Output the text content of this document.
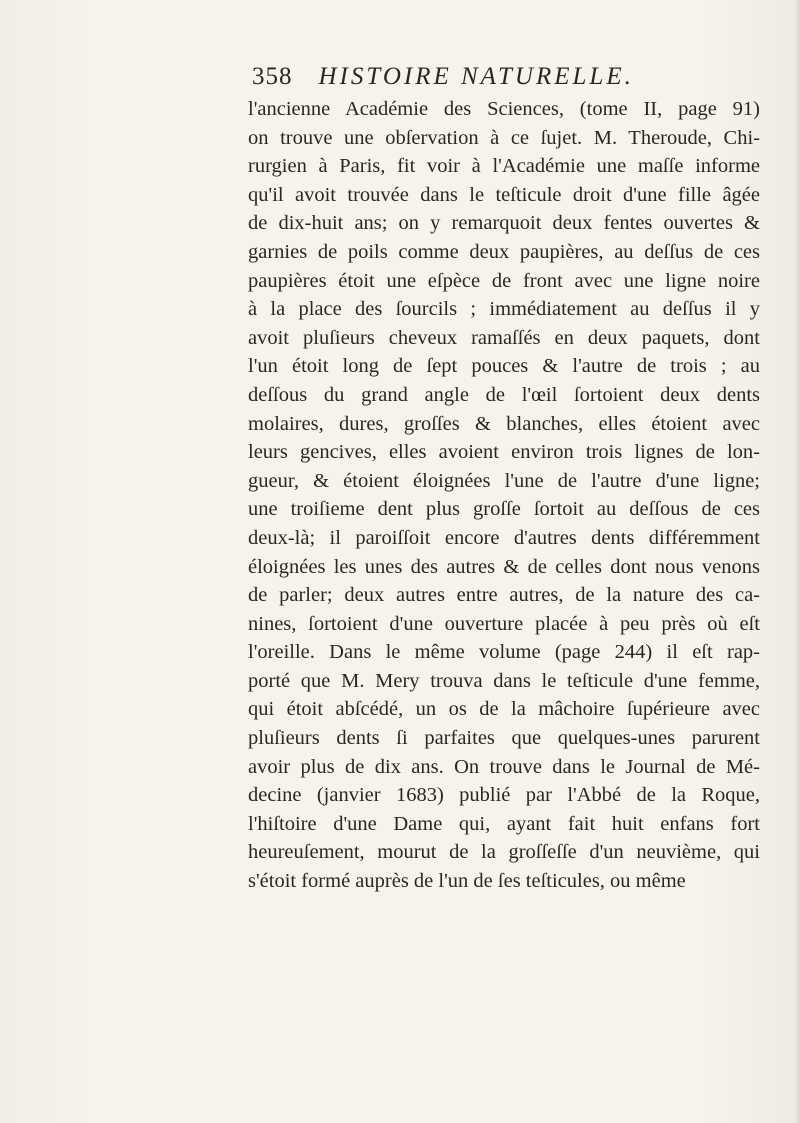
358 HISTOIRE NATURELLE.
l'ancienne Académie des Sciences, (tome II, page 91)
on trouve une obſervation à ce ſujet. M. Theroude, Chi-
rurgien à Paris, fit voir à l'Académie une maſſe informe
qu'il avoit trouvée dans le teſticule droit d'une fille âgée
de dix-huit ans; on y remarquoit deux fentes ouvertes &
garnies de poils comme deux paupières, au deſſus de ces
paupières étoit une eſpèce de front avec une ligne noire
à la place des ſourcils ; immédiatement au deſſus il y
avoit pluſieurs cheveux ramaſſés en deux paquets, dont
l'un étoit long de ſept pouces & l'autre de trois ; au
deſſous du grand angle de l'œil ſortoient deux dents
molaires, dures, groſſes & blanches, elles étoient avec
leurs gencives, elles avoient environ trois lignes de lon-
gueur, & étoient éloignées l'une de l'autre d'une ligne;
une troiſieme dent plus groſſe ſortoit au deſſous de ces
deux-là; il paroiſſoit encore d'autres dents différemment
éloignées les unes des autres & de celles dont nous venons
de parler; deux autres entre autres, de la nature des ca-
nines, ſortoient d'une ouverture placée à peu près où eſt
l'oreille. Dans le même volume (page 244) il eſt rap-
porté que M. Mery trouva dans le teſticule d'une femme,
qui étoit abſcédé, un os de la mâchoire ſupérieure avec
pluſieurs dents ſi parfaites que quelques-unes parurent
avoir plus de dix ans. On trouve dans le Journal de Mé-
decine (janvier 1683) publié par l'Abbé de la Roque,
l'hiſtoire d'une Dame qui, ayant fait huit enfans fort
heureuſement, mourut de la groſſeſſe d'un neuvième, qui
s'étoit formé auprès de l'un de ſes teſticules, ou même
